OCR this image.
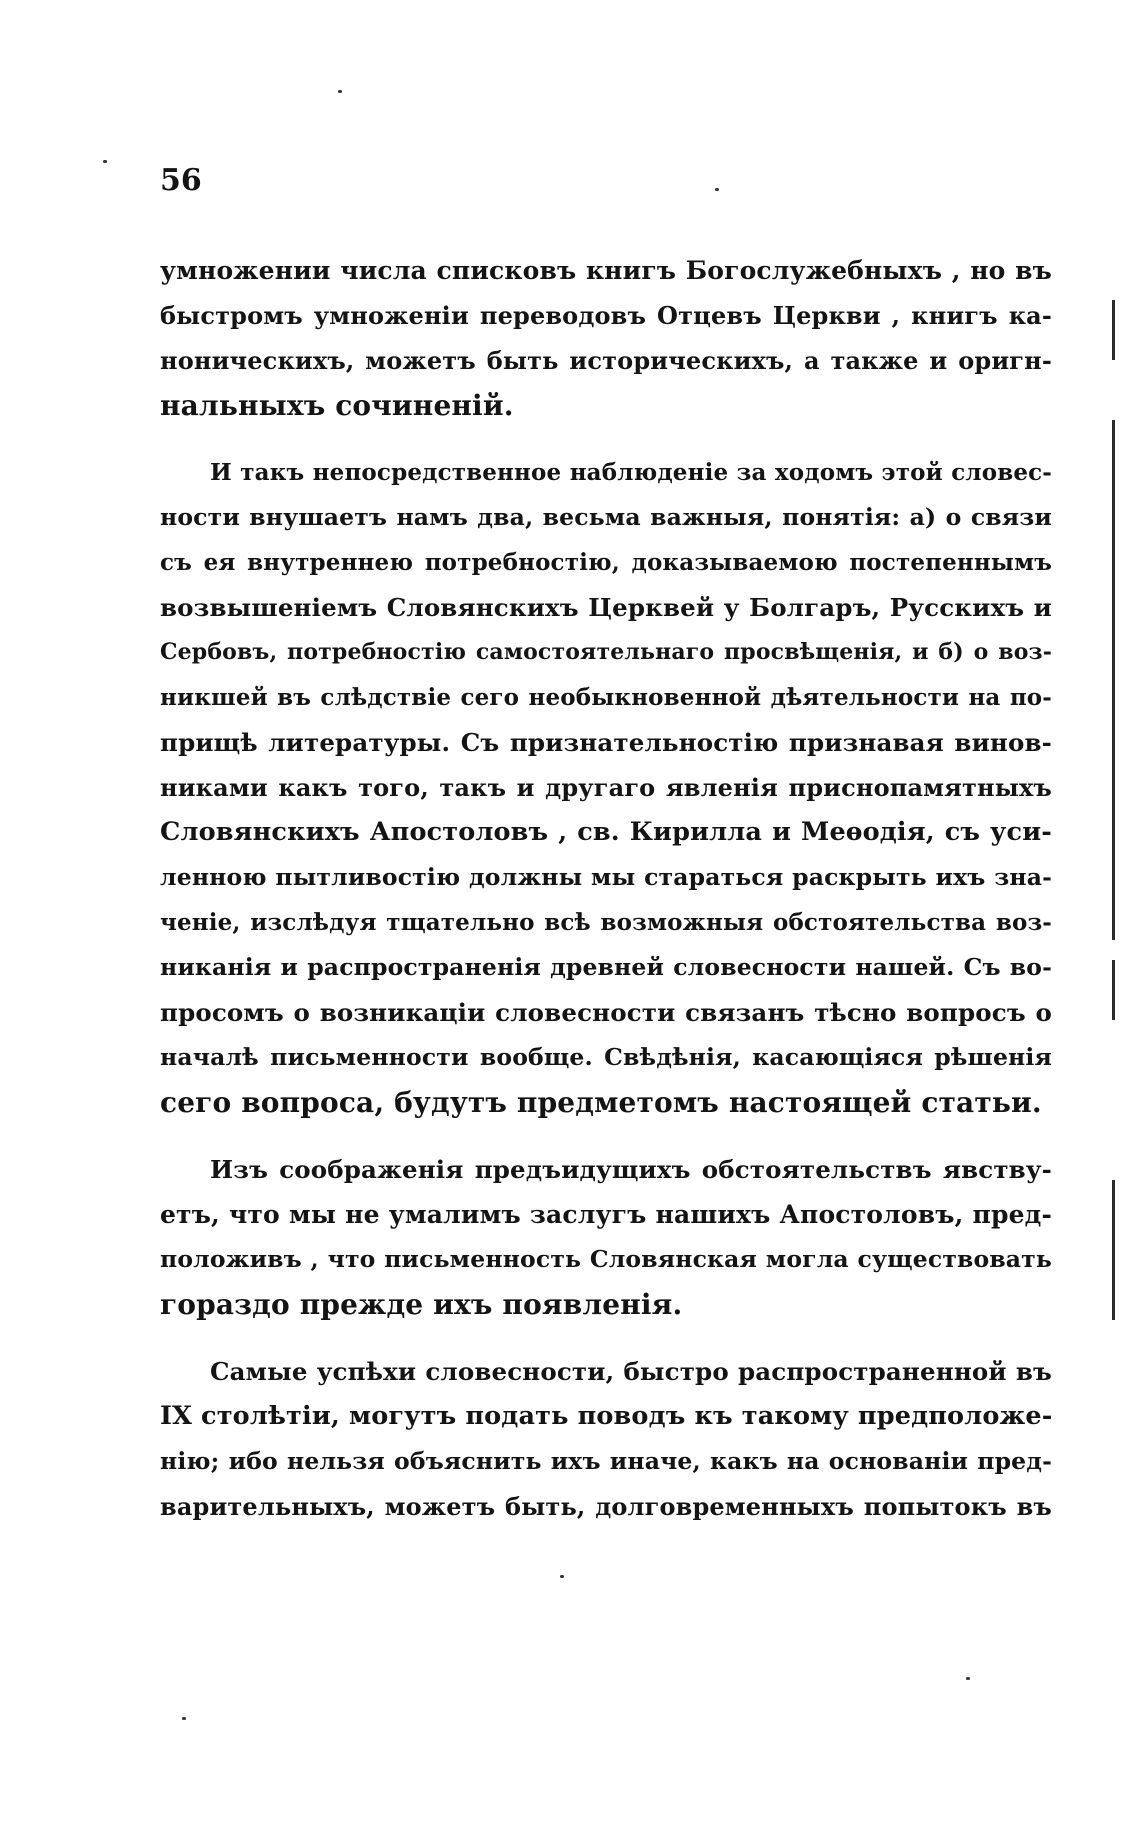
56
умножении числа списковъ книгъ Богослужебныхъ , но въ
быстромъ умноженіи переводовъ Отцевъ Церкви , книгъ ка-
ноническихъ, можетъ быть историческихъ, а также и оригн-
нальныхъ сочиненій.
И такъ непосредственное наблюденіе за ходомъ этой словес-
ности внушаетъ намъ два, весьма важныя, понятія: а) о связи
съ ея внутреннею потребностію, доказываемою постепеннымъ
возвышеніемъ Словянскихъ Церквей у Болгаръ, Русскихъ и
Сербовъ, потребностію самостоятельнаго просвѣщенія, и б) о воз-
никшей въ слѣдствіе сего необыкновенной дѣятельности на по-
прищѣ литературы. Съ признательностію признавая винов-
никами какъ того, такъ и другаго явленія приснопамятныхъ
Словянскихъ Апостоловъ , св. Кирилла и Меѳодія, съ уси-
ленною пытливостію должны мы стараться раскрыть ихъ зна-
ченіе, изслѣдуя тщательно всѣ возможныя обстоятельства воз-
никанія и распространенія древней словесности нашей. Съ во-
просомъ о возникаціи словесности связанъ тѣсно вопросъ о
началѣ письменности вообще. Свѣдѣнія, касающіяся рѣшенія
сего вопроса, будутъ предметомъ настоящей статьи.
Изъ соображенія предъидущихъ обстоятельствъ явству-
етъ, что мы не умалимъ заслугъ нашихъ Апостоловъ, пред-
положивъ , что письменность Словянская могла существовать
гораздо прежде ихъ появленія.
Самые успѣхи словесности, быстро распространенной въ
IX столѣтіи, могутъ подать поводъ къ такому предположе-
нію; ибо нельзя объяснить ихъ иначе, какъ на основаніи пред-
варительныхъ, можетъ быть, долговременныхъ попытокъ въ
